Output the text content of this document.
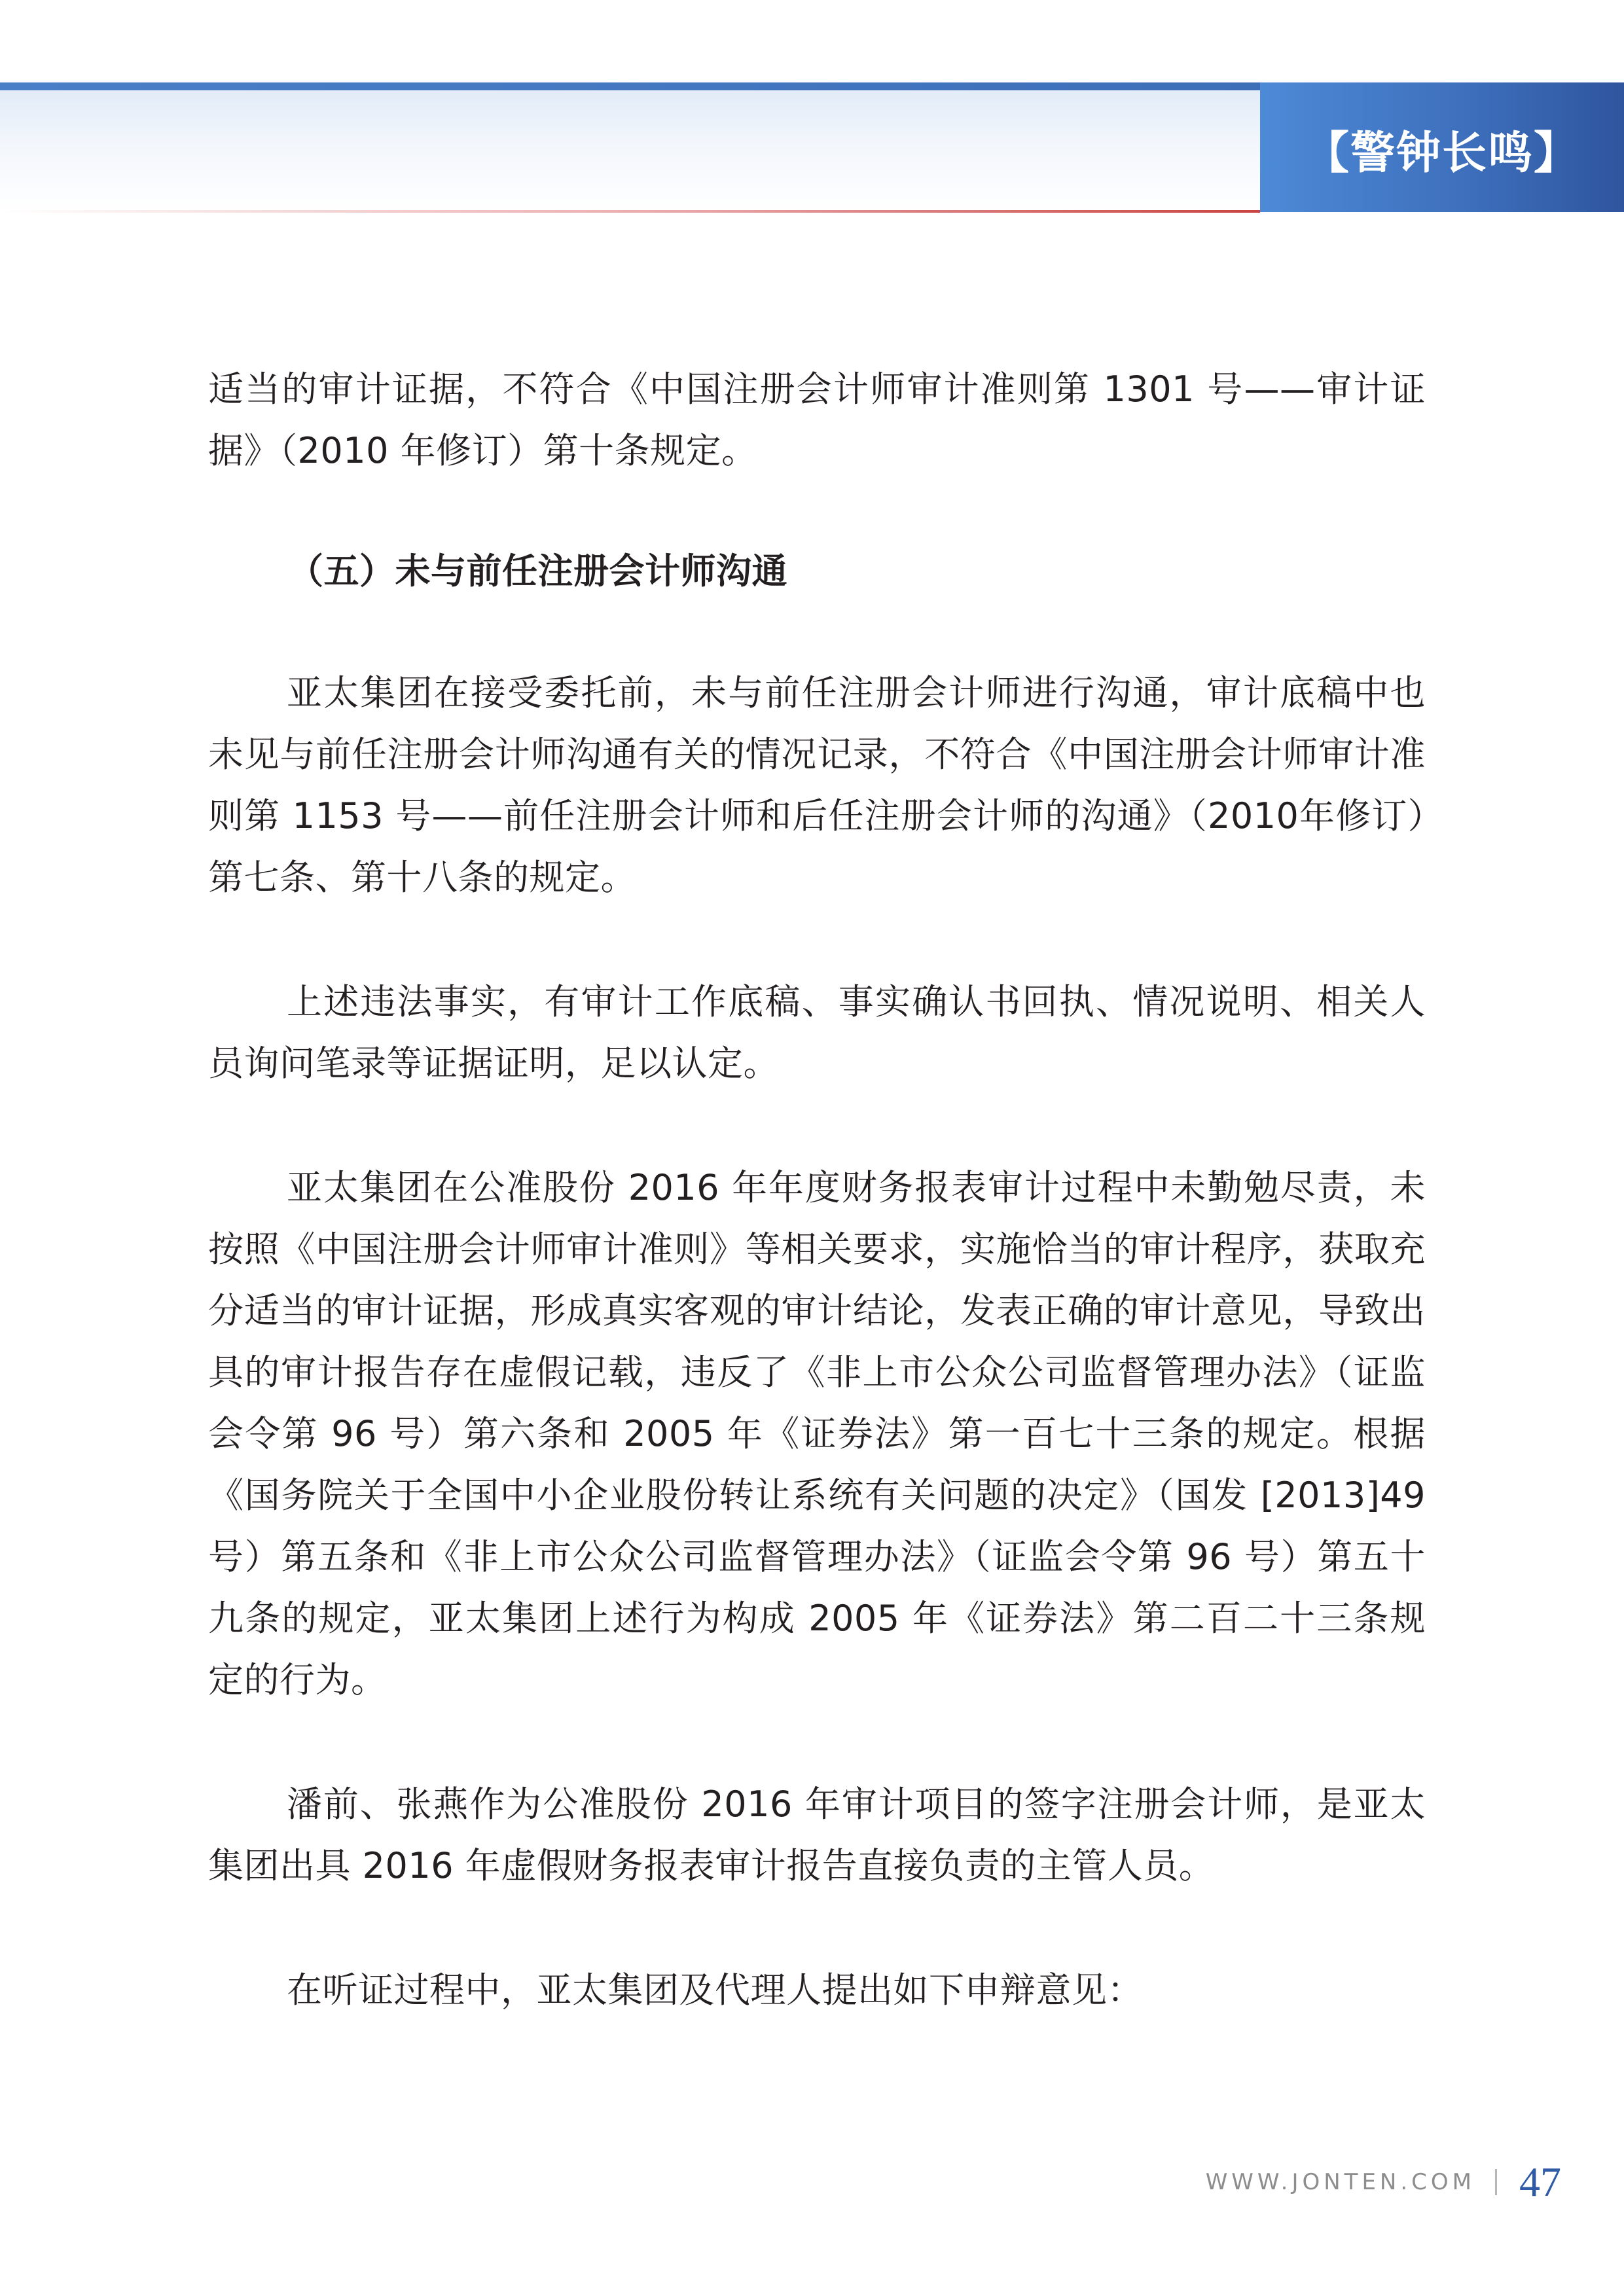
【警钟长鸣】

适当的审计证据，不符合《中国注册会计师审计准则第 1301 号——审计证据》（2010 年修订）第十条规定。

（五）未与前任注册会计师沟通

亚太集团在接受委托前，未与前任注册会计师进行沟通，审计底稿中也未见与前任注册会计师沟通有关的情况记录，不符合《中国注册会计师审计准则第 1153 号——前任注册会计师和后任注册会计师的沟通》（2010年修订）第七条、第十八条的规定。

上述违法事实，有审计工作底稿、事实确认书回执、情况说明、相关人员询问笔录等证据证明，足以认定。

亚太集团在公准股份 2016 年年度财务报表审计过程中未勤勉尽责，未按照《中国注册会计师审计准则》等相关要求，实施恰当的审计程序，获取充分适当的审计证据，形成真实客观的审计结论，发表正确的审计意见，导致出具的审计报告存在虚假记载，违反了《非上市公众公司监督管理办法》（证监会令第 96 号）第六条和 2005 年《证券法》第一百七十三条的规定。根据《国务院关于全国中小企业股份转让系统有关问题的决定》（国发 [2013]49 号）第五条和《非上市公众公司监督管理办法》（证监会令第 96 号）第五十九条的规定，亚太集团上述行为构成 2005 年《证券法》第二百二十三条规定的行为。

潘前、张燕作为公准股份 2016 年审计项目的签字注册会计师，是亚太集团出具 2016 年虚假财务报表审计报告直接负责的主管人员。

在听证过程中，亚太集团及代理人提出如下申辩意见：

WWW.JONTEN.COM 47
